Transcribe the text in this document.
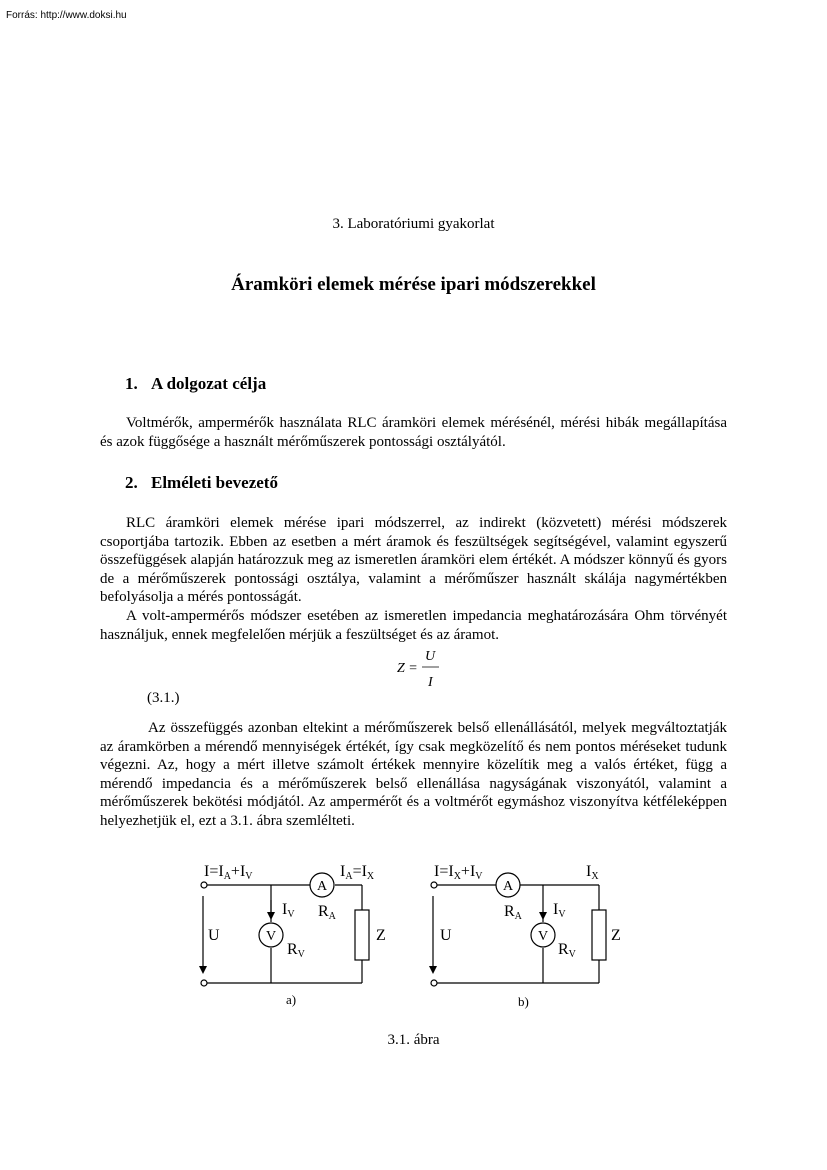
Forrás: http://www.doksi.hu
3. Laboratóriumi gyakorlat
Áramköri elemek mérése ipari módszerekkel
1. A dolgozat célja

Voltmérők, ampermérők használata RLC áramköri elemek mérésénél, mérési hibák megállapítása és azok függősége a használt mérőműszerek pontossági osztályától.

2. Elméleti bevezető

RLC áramköri elemek mérése ipari módszerrel, az indirekt (közvetett) mérési módszerek csoportjába tartozik. Ebben az esetben a mért áramok és feszültségek segítségével, valamint egyszerű összefüggések alapján határozzuk meg az ismeretlen áramköri elem értékét. A módszer könnyű és gyors de a mérőműszerek pontossági osztálya, valamint a mérőműszer használt skálája nagymértékben befolyásolja a mérés pontosságát.

A volt-ampermérős módszer esetében az ismeretlen impedancia meghatározására Ohm törvényét használjuk, ennek megfelelően mérjük a feszültséget és az áramot.

Z =
U
I
(3.1.)

Az összefüggés azonban eltekint a mérőműszerek belső ellenállásától, melyek megváltoztatják az áramkörben a mérendő mennyiségek értékét, így csak megközelítő és nem pontos méréseket tudunk végezni. Az, hogy a mért illetve számolt értékek mennyire közelítik meg a valós értéket, függ a mérendő impedancia és a mérőműszerek belső ellenállása nagyságának viszonyától, valamint a mérőműszerek bekötési módjától. Az ampermérőt és a voltmérőt egymáshoz viszonyítva kétféleképpen helyezhetjük el, ezt a 3.1. ábra szemlélteti.

I=IA+IV	IA=IX
A
RA
IV
V
RV
U	Z
a)
I=IX+IV	IX
A
RA IV
V
RV
U	Z
b)
3.1. ábra
